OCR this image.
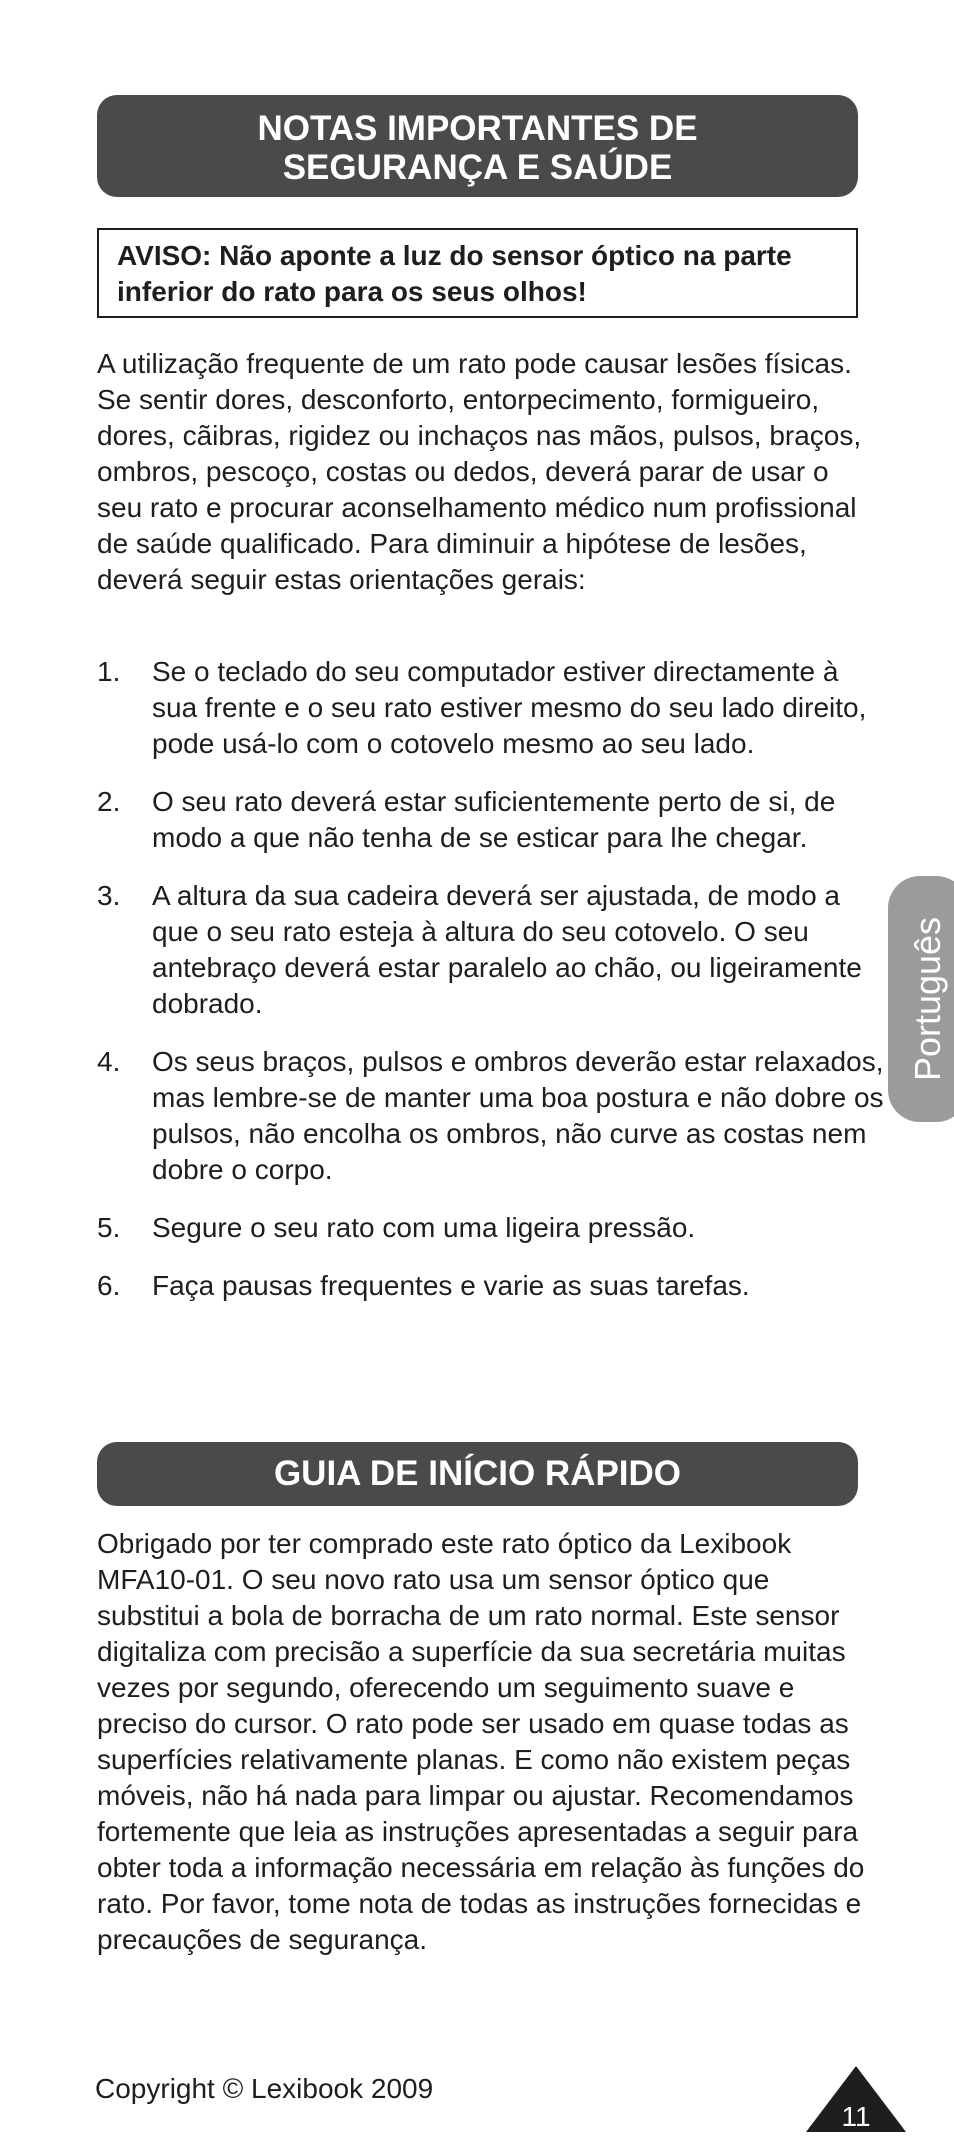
NOTAS IMPORTANTES DE
SEGURANÇA E SAÚDE
AVISO: Não aponte a luz do sensor óptico na parte inferior do rato para os seus olhos!

A utilização frequente de um rato pode causar lesões físicas. Se sentir dores, desconforto, entorpecimento, formigueiro, dores, cãibras, rigidez ou inchaços nas mãos, pulsos, braços, ombros, pescoço, costas ou dedos, deverá parar de usar o seu rato e procurar aconselhamento médico num profissional de saúde qualificado. Para diminuir a hipótese de lesões, deverá seguir estas orientações gerais:

1. Se o teclado do seu computador estiver directamente à sua frente e o seu rato estiver mesmo do seu lado direito, pode usá-lo com o cotovelo mesmo ao seu lado.
2. O seu rato deverá estar suficientemente perto de si, de modo a que não tenha de se esticar para lhe chegar.
3. A altura da sua cadeira deverá ser ajustada, de modo a que o seu rato esteja à altura do seu cotovelo. O seu antebraço deverá estar paralelo ao chão, ou ligeiramente dobrado.
4. Os seus braços, pulsos e ombros deverão estar relaxados, mas lembre-se de manter uma boa postura e não dobre os pulsos, não encolha os ombros, não curve as costas nem dobre o corpo.
5. Segure o seu rato com uma ligeira pressão.
6. Faça pausas frequentes e varie as suas tarefas.
GUIA DE INÍCIO RÁPIDO

Obrigado por ter comprado este rato óptico da Lexibook MFA10-01. O seu novo rato usa um sensor óptico que substitui a bola de borracha de um rato normal. Este sensor digitaliza com precisão a superfície da sua secretária muitas vezes por segundo, oferecendo um seguimento suave e preciso do cursor. O rato pode ser usado em quase todas as superfícies relativamente planas. E como não existem peças móveis, não há nada para limpar ou ajustar. Recomendamos fortemente que leia as instruções apresentadas a seguir para obter toda a informação necessária em relação às funções do rato. Por favor, tome nota de todas as instruções fornecidas e precauções de segurança.

Português
Copyright © Lexibook 2009
11
